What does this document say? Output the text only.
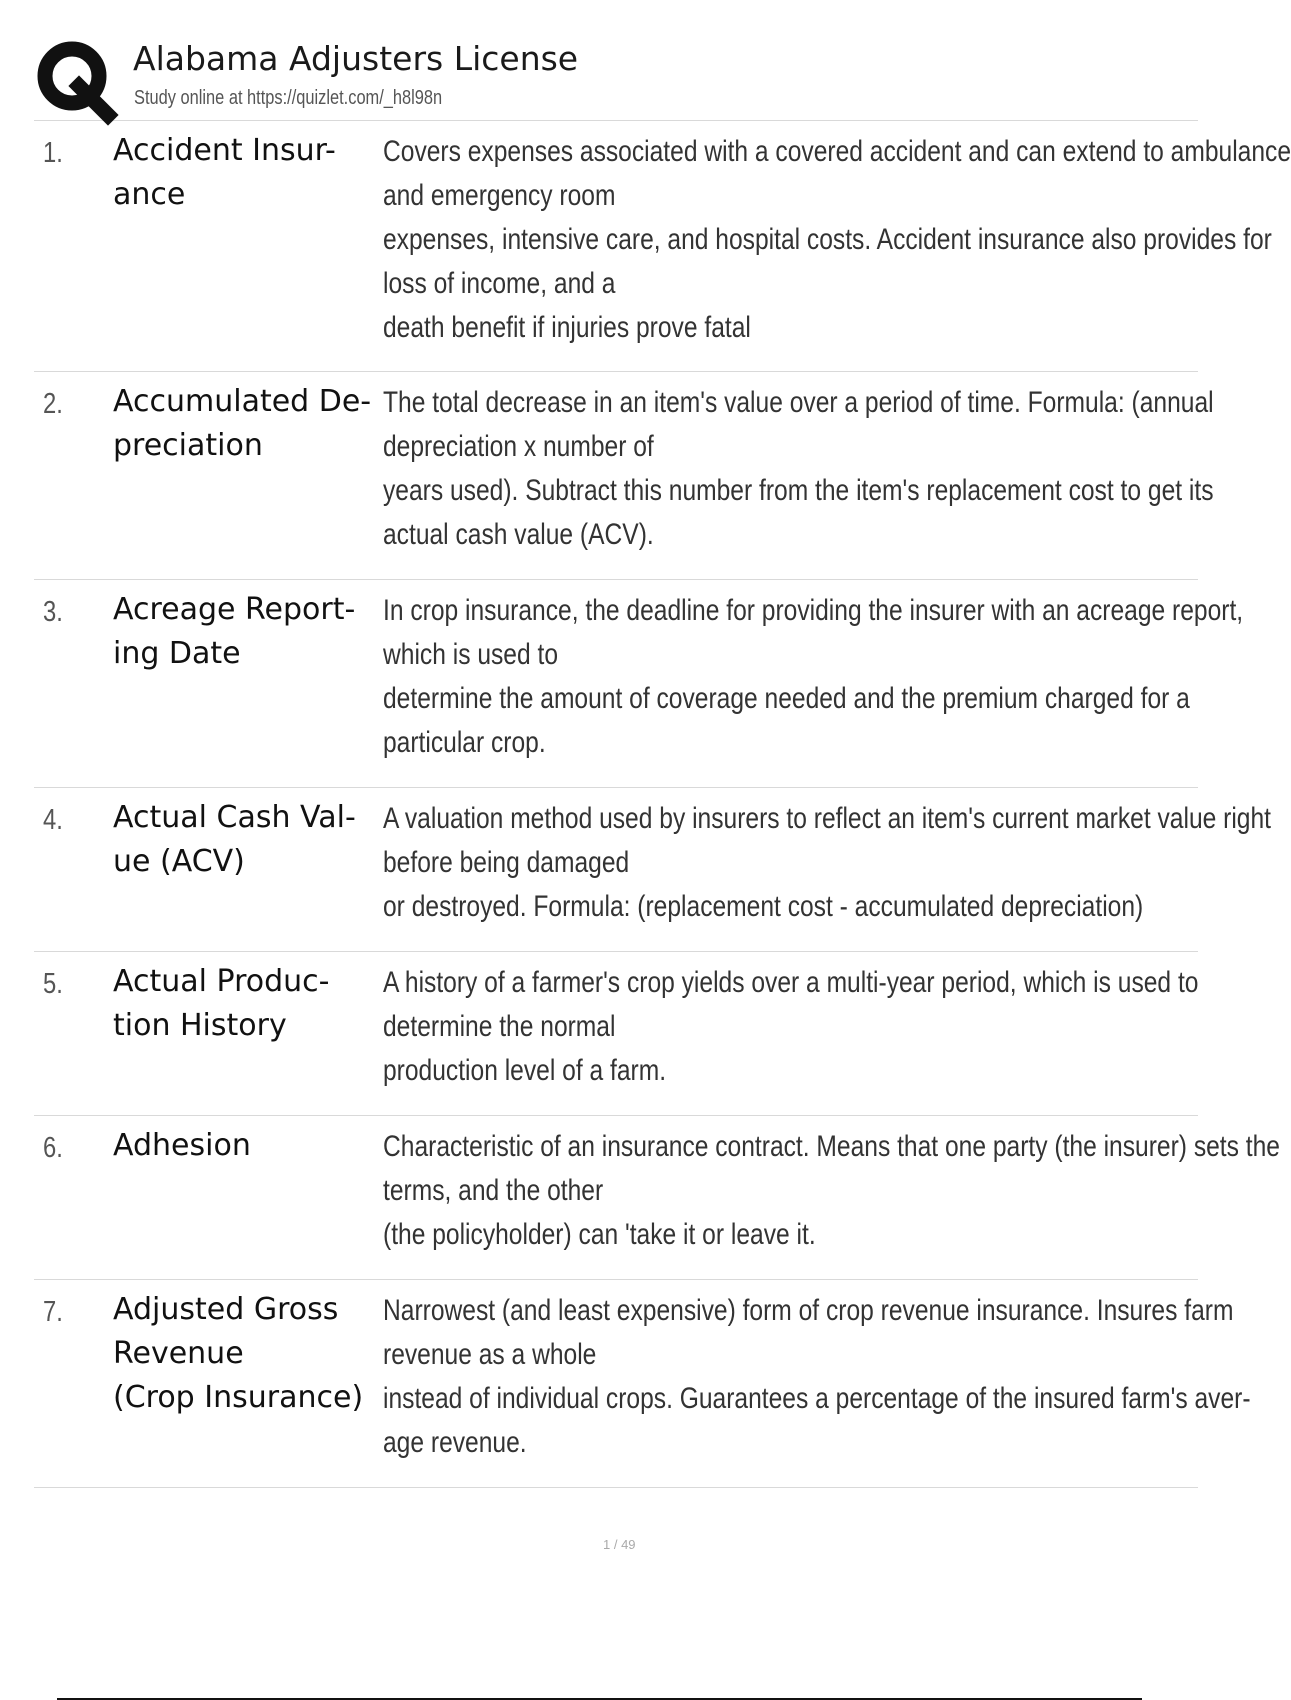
Alabama Adjusters License
Study online at https://quizlet.com/_h8l98n
1. Accident Insur-
ance
Covers expenses associated with a covered accident and can extend to ambulance
and emergency room
expenses, intensive care, and hospital costs. Accident insurance also provides for
loss of income, and a
death benefit if injuries prove fatal
2. Accumulated De-
preciation
The total decrease in an item's value over a period of time. Formula: (annual
depreciation x number of
years used). Subtract this number from the item's replacement cost to get its
actual cash value (ACV).
3. Acreage Report-
ing Date
In crop insurance, the deadline for providing the insurer with an acreage report,
which is used to
determine the amount of coverage needed and the premium charged for a
particular crop.
4. Actual Cash Val-
ue (ACV)
A valuation method used by insurers to reflect an item's current market value right
before being damaged
or destroyed. Formula: (replacement cost - accumulated depreciation)
5. Actual Produc-
tion History
A history of a farmer's crop yields over a multi-year period, which is used to
determine the normal
production level of a farm.
6. Adhesion	Characteristic of an insurance contract. Means that one party (the insurer) sets the
terms, and the other
(the policyholder) can 'take it or leave it.
7. Adjusted Gross
Revenue
(Crop Insurance)
Narrowest (and least expensive) form of crop revenue insurance. Insures farm
revenue as a whole
instead of individual crops. Guarantees a percentage of the insured farm's aver-
age revenue.
1 / 49
